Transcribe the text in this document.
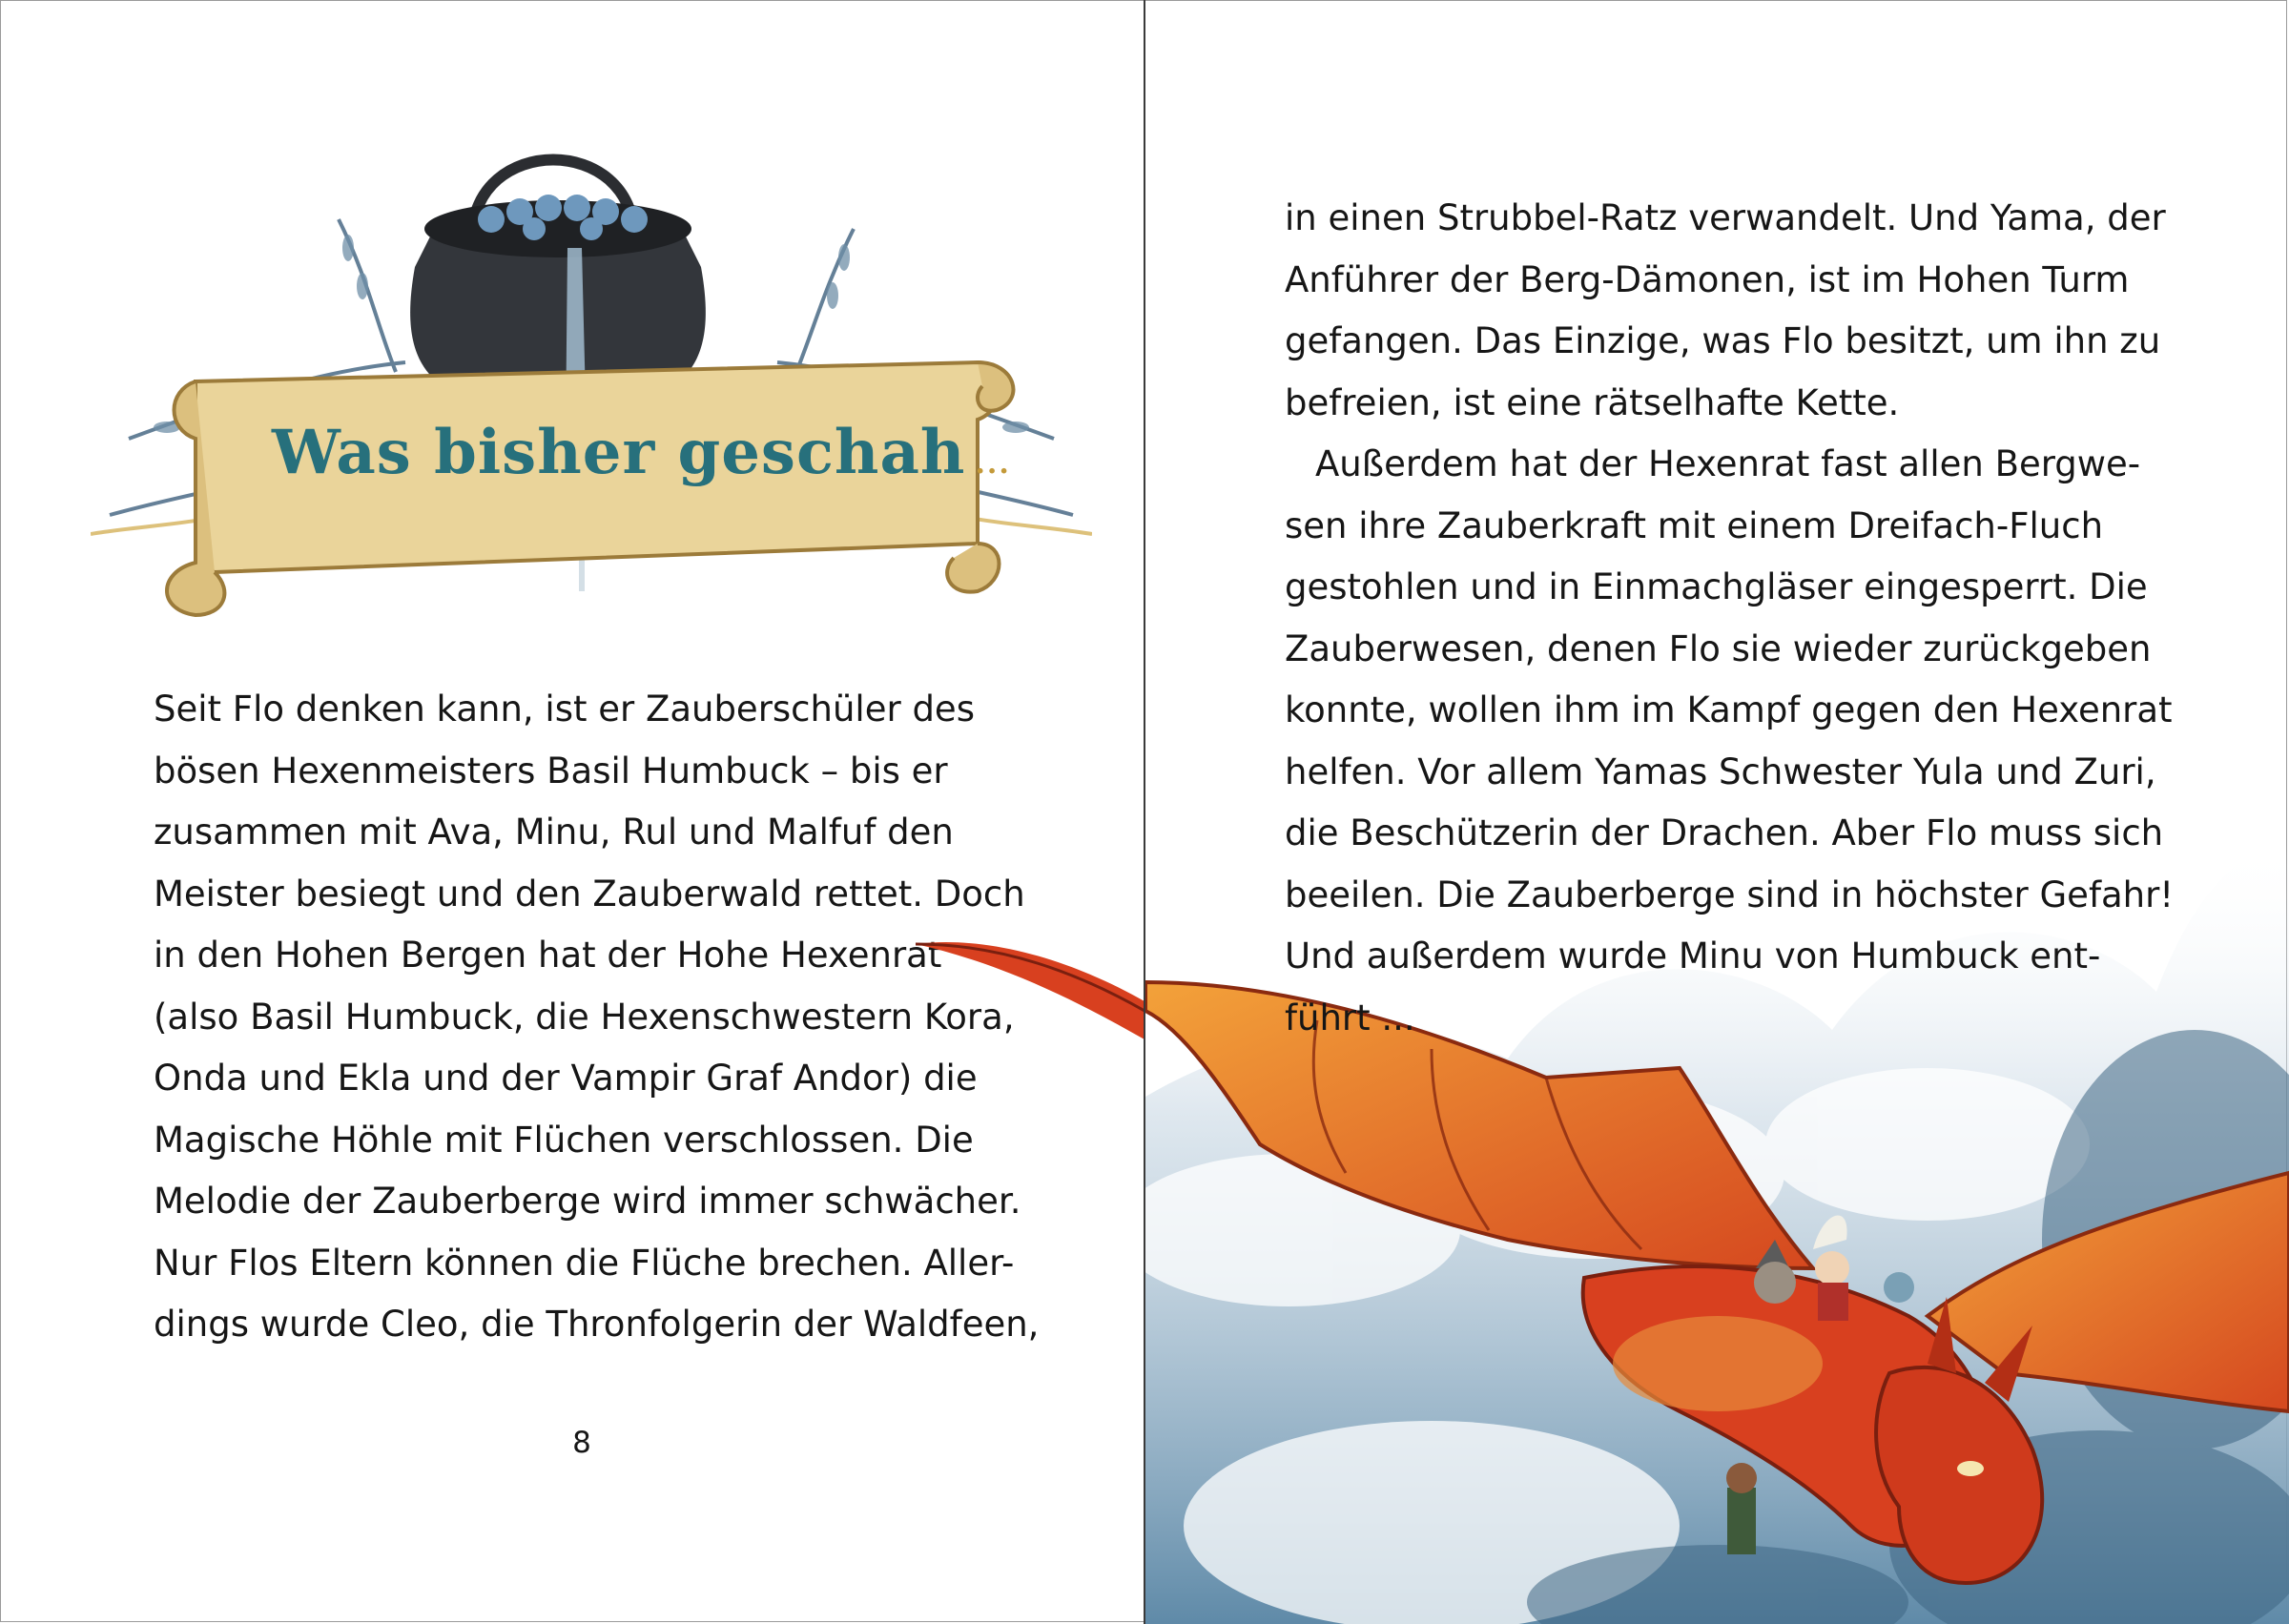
Was bisher geschah ...

Seit Flo denken kann, ist er Zauberschüler des
bösen Hexenmeisters Basil Humbuck – bis er
zusammen mit Ava, Minu, Rul und Malfuf den
Meister besiegt und den Zauberwald rettet. Doch
in den Hohen Bergen hat der Hohe Hexenrat
(also Basil Humbuck, die Hexenschwestern Kora,
Onda und Ekla und der Vampir Graf Andor) die
Magische Höhle mit Flüchen verschlossen. Die
Melodie der Zauberberge wird immer schwächer.
Nur Flos Eltern können die Flüche brechen. Aller-
dings wurde Cleo, die Thronfolgerin der Waldfeen,

8

in einen Strubbel-Ratz verwandelt. Und Yama, der
Anführer der Berg-Dämonen, ist im Hohen Turm
gefangen. Das Einzige, was Flo besitzt, um ihn zu
befreien, ist eine rätselhafte Kette.
Außerdem hat der Hexenrat fast allen Bergwe-
sen ihre Zauberkraft mit einem Dreifach-Fluch
gestohlen und in Einmachgläser eingesperrt. Die
Zauberwesen, denen Flo sie wieder zurückgeben
konnte, wollen ihm im Kampf gegen den Hexenrat
helfen. Vor allem Yamas Schwester Yula und Zuri,
die Beschützerin der Drachen. Aber Flo muss sich
beeilen. Die Zauberberge sind in höchster Gefahr!
Und außerdem wurde Minu von Humbuck ent-
führt ...
